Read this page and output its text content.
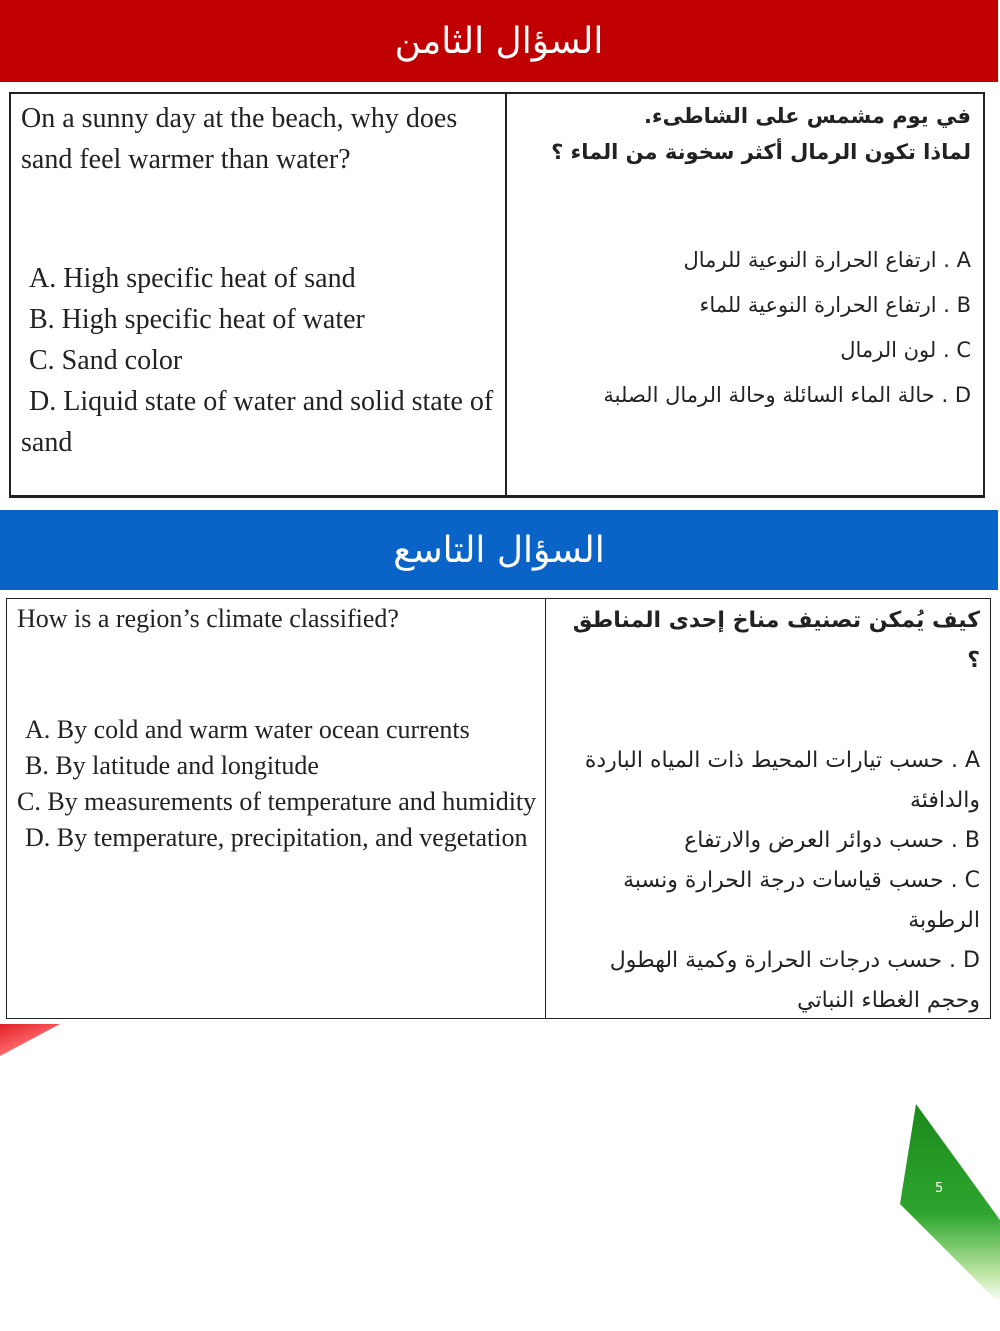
السؤال الثامن
On a sunny day at the beach, why does sand feel warmer than water?
A. High specific heat of sand
B. High specific heat of water
C. Sand color
D. Liquid state of water and solid state of sand
في يوم مشمس على الشاطىء.
لماذا تكون الرمال أكثر سخونة من الماء ؟
A . ارتفاع الحرارة النوعية للرمال
B . ارتفاع الحرارة النوعية للماء
C . لون الرمال
D . حالة الماء السائلة وحالة الرمال الصلبة
السؤال التاسع
How is a region’s climate classified?
A. By cold and warm water ocean currents
B. By latitude and longitude
C. By measurements of temperature and humidity
D. By temperature, precipitation, and vegetation
كيف يُمكن تصنيف مناخ إحدى المناطق ؟
A . حسب تيارات المحيط ذات المياه الباردة والدافئة
B . حسب دوائر العرض والارتفاع
C . حسب قياسات درجة الحرارة ونسبة الرطوبة
D . حسب درجات الحرارة وكمية الهطول وحجم الغطاء النباتي
5
